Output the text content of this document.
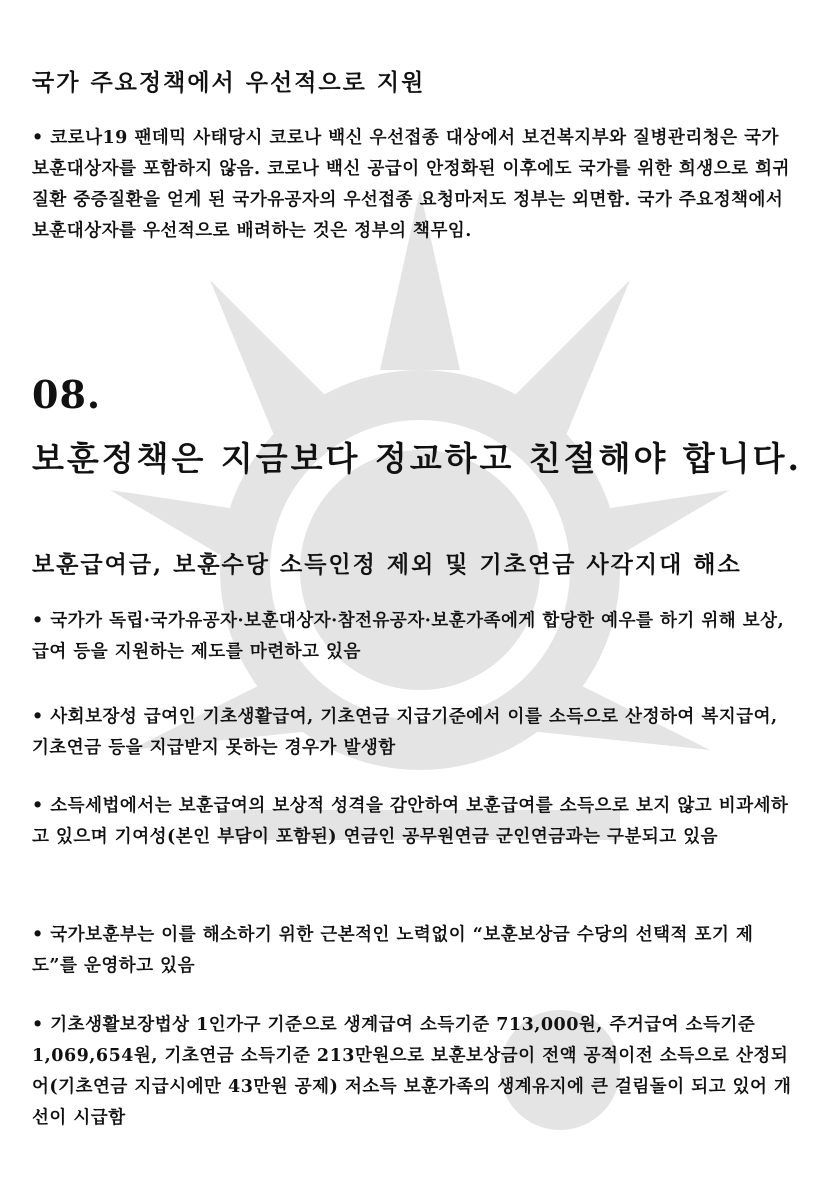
국가 주요정책에서 우선적으로 지원
• 코로나19 팬데믹 사태당시 코로나 백신 우선접종 대상에서 보건복지부와 질병관리청은 국가보훈대상자를 포함하지 않음. 코로나 백신 공급이 안정화된 이후에도 국가를 위한 희생으로 희귀질환 중증질환을 얻게 된 국가유공자의 우선접종 요청마저도 정부는 외면함. 국가 주요정책에서 보훈대상자를 우선적으로 배려하는 것은 정부의 책무임.
08.
보훈정책은 지금보다 정교하고 친절해야 합니다.
보훈급여금, 보훈수당 소득인정 제외 및 기초연금 사각지대 해소
• 국가가 독립·국가유공자·보훈대상자·참전유공자·보훈가족에게 합당한 예우를 하기 위해 보상, 급여 등을 지원하는 제도를 마련하고 있음
• 사회보장성 급여인 기초생활급여, 기초연금 지급기준에서 이를 소득으로 산정하여 복지급여, 기초연금 등을 지급받지 못하는 경우가 발생함
• 소득세법에서는 보훈급여의 보상적 성격을 감안하여 보훈급여를 소득으로 보지 않고 비과세하고 있으며 기여성(본인 부담이 포함된) 연금인 공무원연금 군인연금과는 구분되고 있음
• 국가보훈부는 이를 해소하기 위한 근본적인 노력없이 “보훈보상금 수당의 선택적 포기 제도”를 운영하고 있음
• 기초생활보장법상 1인가구 기준으로 생계급여 소득기준 713,000원, 주거급여 소득기준 1,069,654원, 기초연금 소득기준 213만원으로 보훈보상금이 전액 공적이전 소득으로 산정되어(기초연금 지급시에만 43만원 공제) 저소득 보훈가족의 생계유지에 큰 걸림돌이 되고 있어 개선이 시급함
